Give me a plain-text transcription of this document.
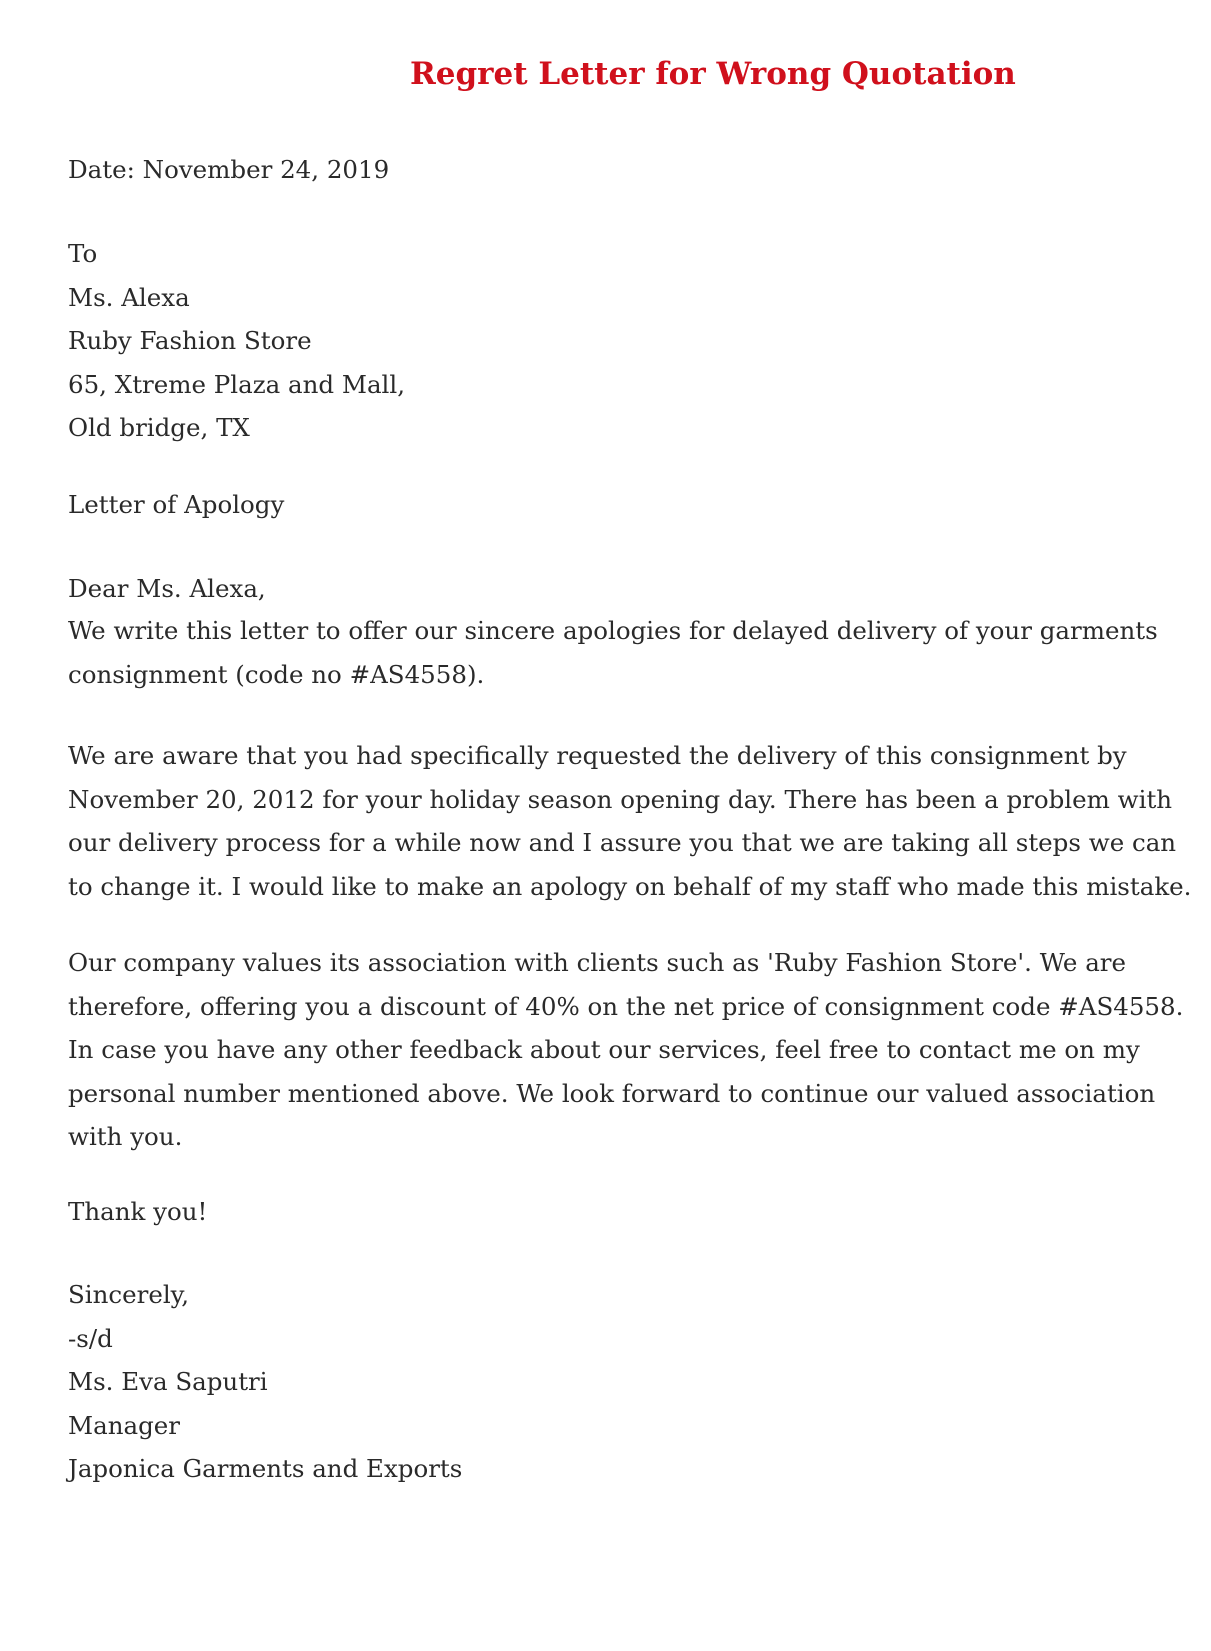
Regret Letter for Wrong Quotation
Date: November 24, 2019
To
Ms. Alexa
Ruby Fashion Store
65, Xtreme Plaza and Mall,
Old bridge, TX
Letter of Apology
Dear Ms. Alexa,
We write this letter to offer our sincere apologies for delayed delivery of your garments
consignment (code no #AS4558).
We are aware that you had specifically requested the delivery of this consignment by
November 20, 2012 for your holiday season opening day. There has been a problem with
our delivery process for a while now and I assure you that we are taking all steps we can
to change it. I would like to make an apology on behalf of my staff who made this mistake.
Our company values its association with clients such as 'Ruby Fashion Store'. We are
therefore, offering you a discount of 40% on the net price of consignment code #AS4558.
In case you have any other feedback about our services, feel free to contact me on my
personal number mentioned above. We look forward to continue our valued association
with you.
Thank you!
Sincerely,
-s/d
Ms. Eva Saputri
Manager
Japonica Garments and Exports
